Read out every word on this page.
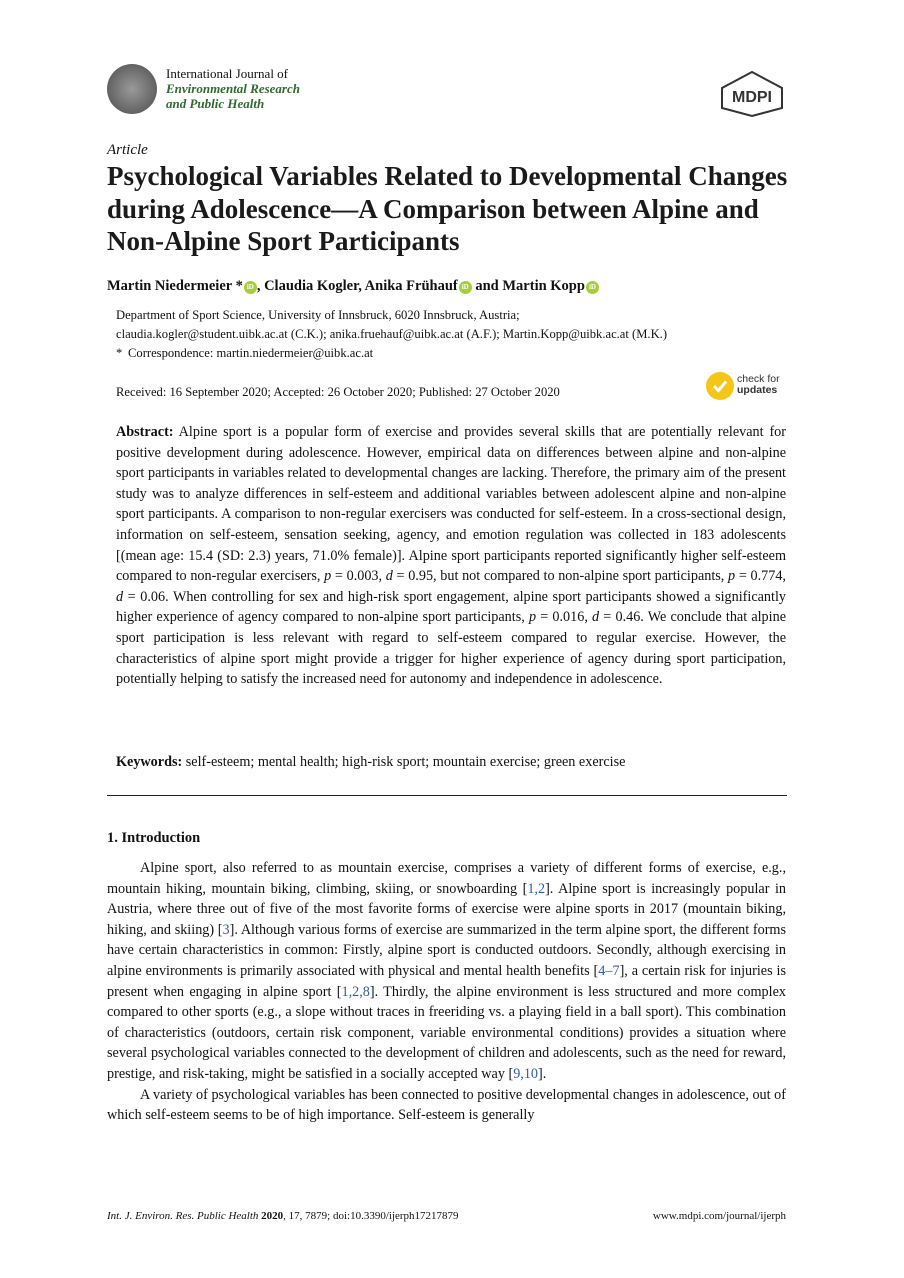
International Journal of
Environmental Research
and Public Health	MDPI
Article
Psychological Variables Related to Developmental Changes during Adolescence—A Comparison between Alpine and Non-Alpine Sport Participants
Martin Niedermeier * iD , Claudia Kogler, Anika Frühauf iD and Martin Kopp iD
Department of Sport Science, University of Innsbruck, 6020 Innsbruck, Austria;
claudia.kogler@student.uibk.ac.at (C.K.); anika.fruehauf@uibk.ac.at (A.F.); Martin.Kopp@uibk.ac.at (M.K.)
* Correspondence: martin.niedermeier@uibk.ac.at
Received: 16 September 2020; Accepted: 26 October 2020; Published: 27 October 2020
check for
updates
Abstract: Alpine sport is a popular form of exercise and provides several skills that are potentially relevant for positive development during adolescence. However, empirical data on differences between alpine and non-alpine sport participants in variables related to developmental changes are lacking. Therefore, the primary aim of the present study was to analyze differences in self-esteem and additional variables between adolescent alpine and non-alpine sport participants. A comparison to non-regular exercisers was conducted for self-esteem. In a cross-sectional design, information on self-esteem, sensation seeking, agency, and emotion regulation was collected in 183 adolescents [(mean age: 15.4 (SD: 2.3) years, 71.0% female)]. Alpine sport participants reported significantly higher self-esteem compared to non-regular exercisers, p = 0.003, d = 0.95, but not compared to non-alpine sport participants, p = 0.774, d = 0.06. When controlling for sex and high-risk sport engagement, alpine sport participants showed a significantly higher experience of agency compared to non-alpine sport participants, p = 0.016, d = 0.46. We conclude that alpine sport participation is less relevant with regard to self-esteem compared to regular exercise. However, the characteristics of alpine sport might provide a trigger for higher experience of agency during sport participation, potentially helping to satisfy the increased need for autonomy and independence in adolescence.
Keywords: self-esteem; mental health; high-risk sport; mountain exercise; green exercise
1. Introduction

Alpine sport, also referred to as mountain exercise, comprises a variety of different forms of exercise, e.g., mountain hiking, mountain biking, climbing, skiing, or snowboarding [1,2]. Alpine sport is increasingly popular in Austria, where three out of five of the most favorite forms of exercise were alpine sports in 2017 (mountain biking, hiking, and skiing) [3]. Although various forms of exercise are summarized in the term alpine sport, the different forms have certain characteristics in common: Firstly, alpine sport is conducted outdoors. Secondly, although exercising in alpine environments is primarily associated with physical and mental health benefits [4–7], a certain risk for injuries is present when engaging in alpine sport [1,2,8]. Thirdly, the alpine environment is less structured and more complex compared to other sports (e.g., a slope without traces in freeriding vs. a playing field in a ball sport). This combination of characteristics (outdoors, certain risk component, variable environmental conditions) provides a situation where several psychological variables connected to the development of children and adolescents, such as the need for reward, prestige, and risk-taking, might be satisfied in a socially accepted way [9,10].

A variety of psychological variables has been connected to positive developmental changes in adolescence, out of which self-esteem seems to be of high importance. Self-esteem is generally

Int. J. Environ. Res. Public Health 2020, 17, 7879; doi:10.3390/ijerph17217879	www.mdpi.com/journal/ijerph
